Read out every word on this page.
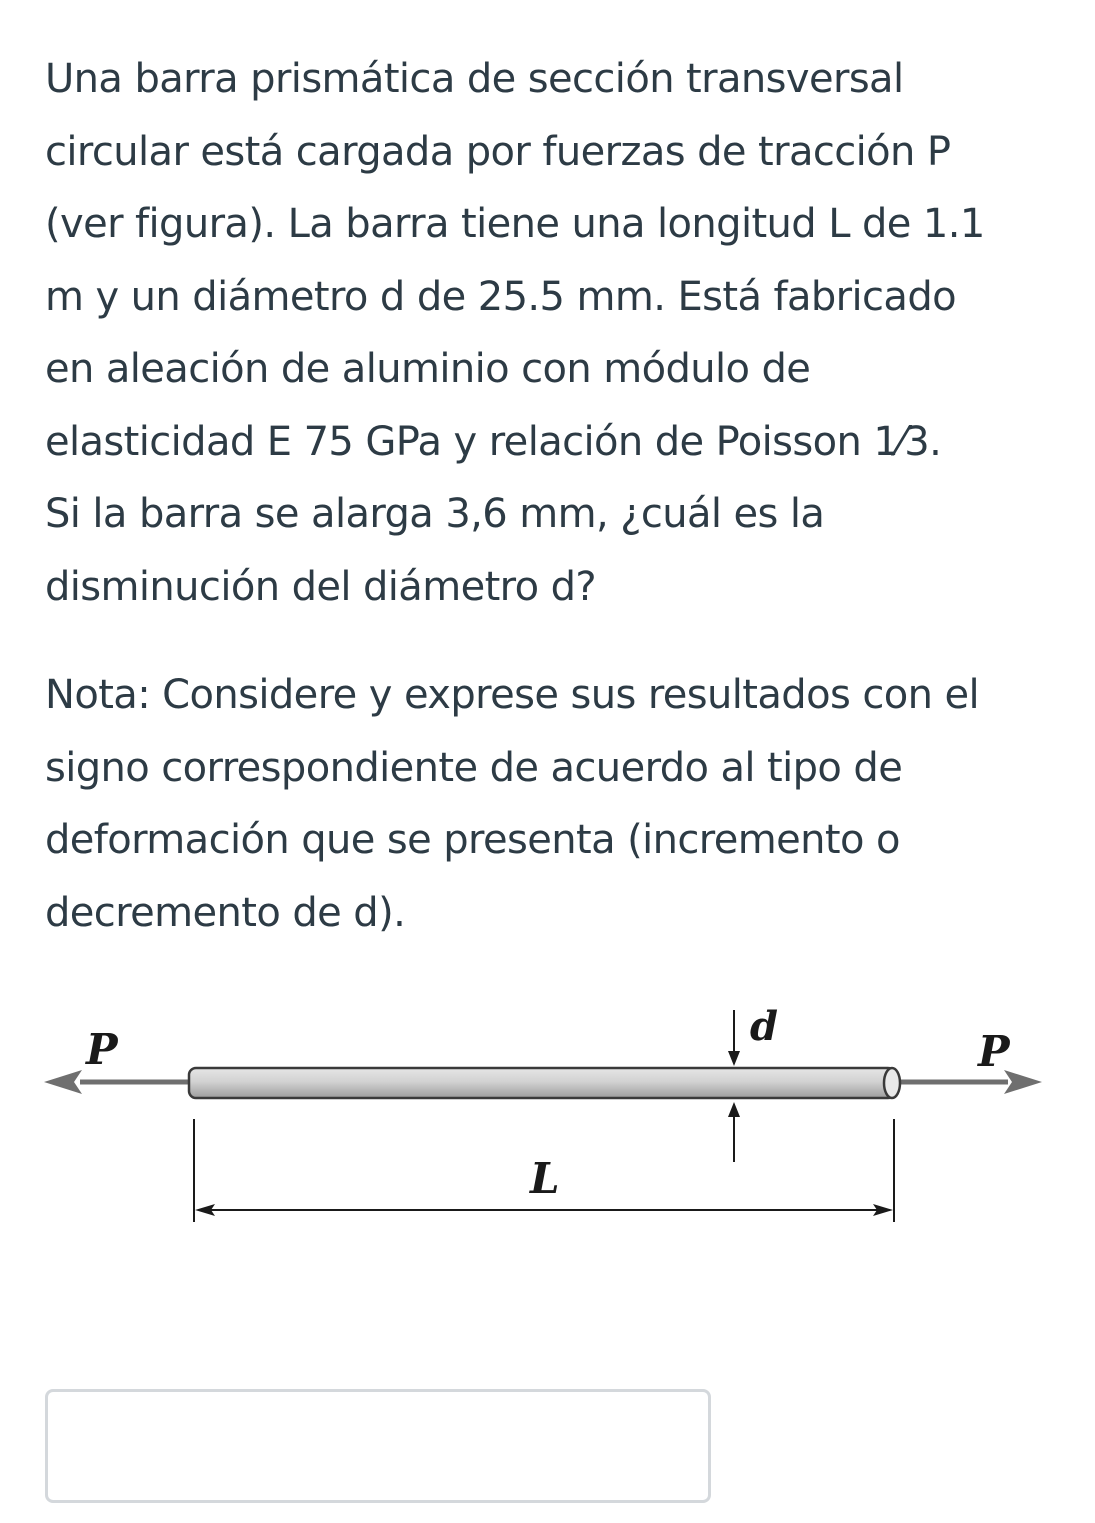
Una barra prismática de sección transversal
circular está cargada por fuerzas de tracción P
(ver figura). La barra tiene una longitud L de 1.1
m y un diámetro d de 25.5 mm. Está fabricado
en aleación de aluminio con módulo de
elasticidad E 75 GPa y relación de Poisson 1⁄3.
Si la barra se alarga 3,6 mm, ¿cuál es la
disminución del diámetro d?

Nota: Considere y exprese sus resultados con el
signo correspondiente de acuerdo al tipo de
deformación que se presenta (incremento o
decremento de d).

P	P
d
L
